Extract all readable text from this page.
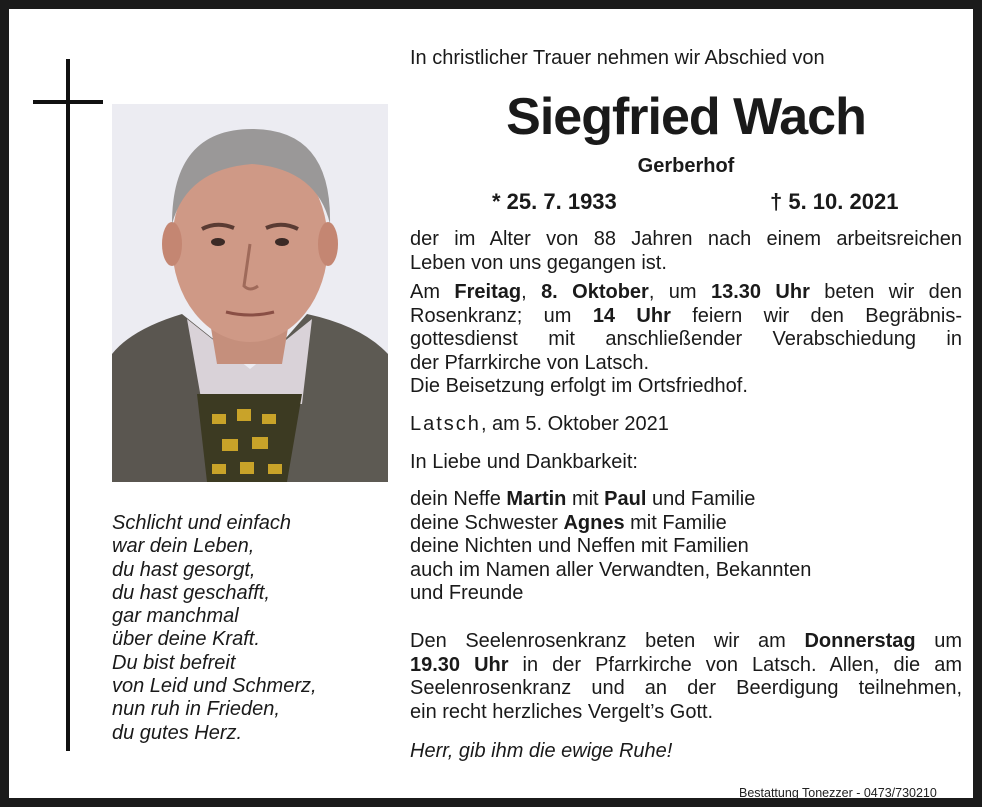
Schlicht und einfach
war dein Leben,
du hast gesorgt,
du hast geschafft,
gar manchmal
über deine Kraft.
Du bist befreit
von Leid und Schmerz,
nun ruh in Frieden,
du gutes Herz.
In christlicher Trauer nehmen wir Abschied von
Siegfried Wach
Gerberhof
* 25. 7. 1933	† 5. 10. 2021
der im Alter von 88 Jahren nach einem arbeitsreichen
Leben von uns gegangen ist.
Am Freitag, 8. Oktober, um 13.30 Uhr beten wir den
Rosenkranz; um 14 Uhr feiern wir den Begräbnis-
gottesdienst mit anschließender Verabschiedung in
der Pfarrkirche von Latsch.
Die Beisetzung erfolgt im Ortsfriedhof.
Latsch, am 5. Oktober 2021
In Liebe und Dankbarkeit:
dein Neffe Martin mit Paul und Familie
deine Schwester Agnes mit Familie
deine Nichten und Neffen mit Familien
auch im Namen aller Verwandten, Bekannten
und Freunde
Den Seelenrosenkranz beten wir am Donnerstag um
19.30 Uhr in der Pfarrkirche von Latsch. Allen, die am
Seelenrosenkranz und an der Beerdigung teilnehmen,
ein recht herzliches Vergelt’s Gott.
Herr, gib ihm die ewige Ruhe!
Bestattung Tonezzer - 0473/730210
